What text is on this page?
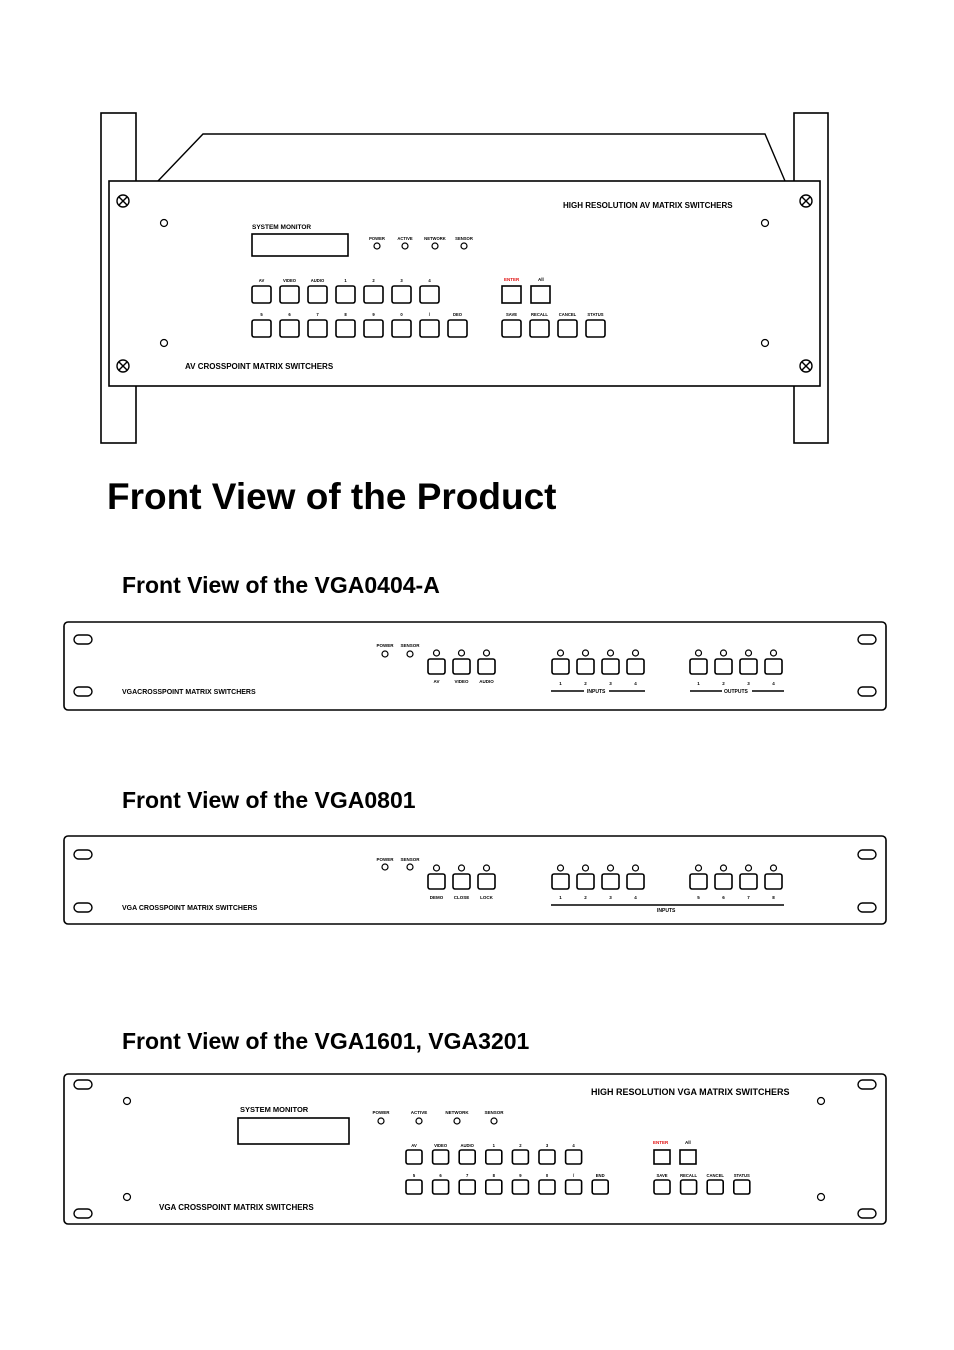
Front View of the Product
Front View of the VGA0404-A
Front View of the VGA0801
Front View of the VGA1601, VGA3201
HIGH RESOLUTION AV MATRIX SWITCHERS
AV CROSSPOINT MATRIX SWITCHERS
SYSTEM MONITOR
POWER	ACTIVE	NETWORK SENSOR
AV	VIDEO	AUDIO	1	2	3	4
5	6	7	8	9	0	/	DEO
ENTER	All
SAVE	RECALL	CANCEL	STATUS
VGACROSSPOINT MATRIX SWITCHERS
POWER SENSOR
AV	VIDEO AUDIO	1	2	3	4	1	2	3	4
INPUTS	OUTPUTS
VGA CROSSPOINT MATRIX SWITCHERS
POWER SENSOR
DEMO CLOSE LOCK	1	2	3	4	5	6	7	8
INPUTS
HIGH RESOLUTION VGA MATRIX SWITCHERS
VGA CROSSPOINT MATRIX SWITCHERS
SYSTEM MONITOR	POWER	ACTIVE	NETWORK	SENSOR
AV	VIDEO	AUDIO	1	2	3	4
5	6	7	8	9	0	/	END
ENTER	All
SAVE	RECALL CANCEL STATUS
